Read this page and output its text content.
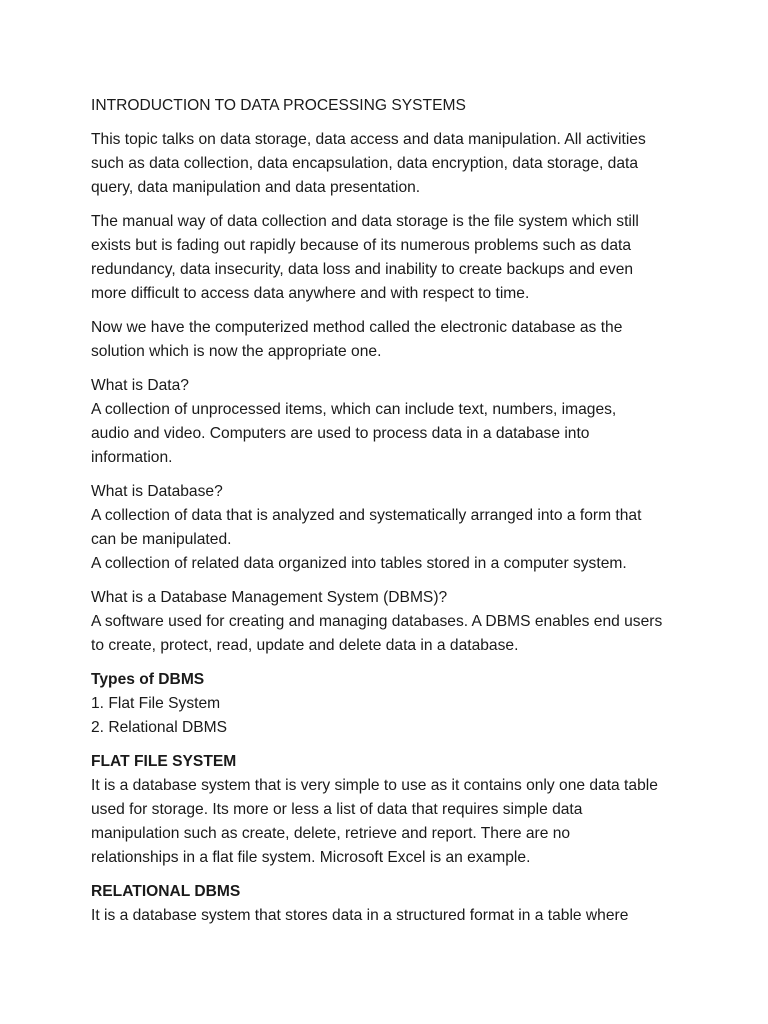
INTRODUCTION TO DATA PROCESSING SYSTEMS

This topic talks on data storage, data access and data manipulation. All activities
such as data collection, data encapsulation, data encryption, data storage, data
query, data manipulation and data presentation.

The manual way of data collection and data storage is the file system which still
exists but is fading out rapidly because of its numerous problems such as data
redundancy, data insecurity, data loss and inability to create backups and even
more difficult to access data anywhere and with respect to time.

Now we have the computerized method called the electronic database as the
solution which is now the appropriate one.

What is Data?
A collection of unprocessed items, which can include text, numbers, images,
audio and video. Computers are used to process data in a database into
information.

What is Database?
A collection of data that is analyzed and systematically arranged into a form that
can be manipulated.
A collection of related data organized into tables stored in a computer system.

What is a Database Management System (DBMS)?
A software used for creating and managing databases. A DBMS enables end users
to create, protect, read, update and delete data in a database.

Types of DBMS
1. Flat File System
2. Relational DBMS

FLAT FILE SYSTEM
It is a database system that is very simple to use as it contains only one data table
used for storage. Its more or less a list of data that requires simple data
manipulation such as create, delete, retrieve and report. There are no
relationships in a flat file system. Microsoft Excel is an example.

RELATIONAL DBMS
It is a database system that stores data in a structured format in a table where
